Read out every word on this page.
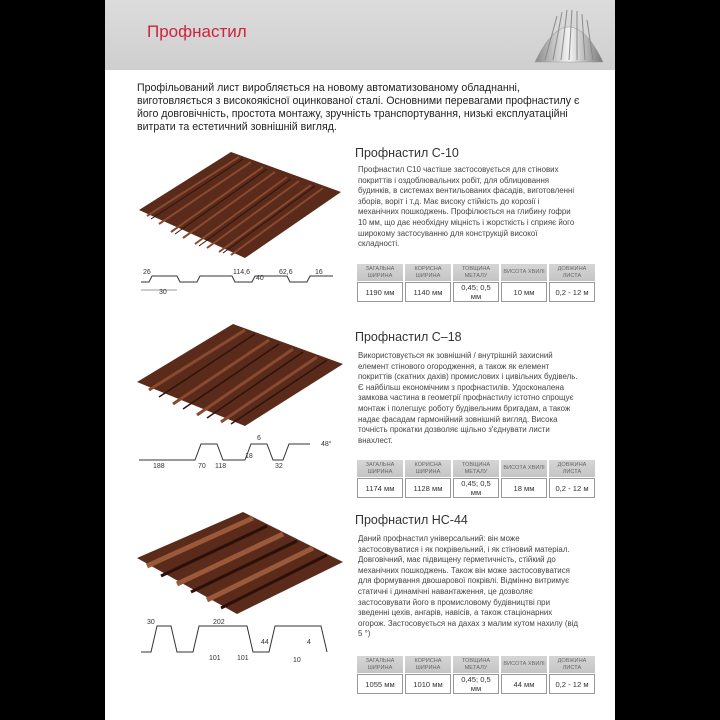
Профнастил
Профільований лист виробляється на новому автоматизованому обладнанні, виготовляється з високоякісної оцинкованої сталі. Основними перевагами профнастилу є його довговічність, простота монтажу, зручність транспортування, низькі експлуатаційні витрати та естетичний зовнішній вигляд.
26
30
114,6
40
62,6	16
Профнастил С-10
Профнастил С10 частіше застосовується для стінових покриттів і оздоблювальних робіт, для облицювання будинків, в системах вентильованих фасадів, виготовленні зборів, воріт і т.д. Має високу стійкість до корозії і механічних пошкоджень. Профілюється на глибину гофри 10 мм, що дає необхідну міцність і жорсткість і сприяє його широкому застосуванню для конструкцій високої складності.
ЗАГАЛЬНА ШИРИНА	КОРИСНА ШИРИНА	ТОВЩИНА МЕТАЛУ	ВИСОТА ХВИЛІ	ДОВЖИНА ЛИСТА
1190 мм	1140 мм	0,45; 0,5 мм	10 мм	0,2 - 12 м
188	70 118
18
32
48°
6
Профнастил С–18
Використовується як зовнішній / внутрішній захисний елемент стінового огородження, а також як елемент покриттів (скатних дахів) промислових і цивільних будівель. Є найбільш економічним з профнастилів. Удосконалена замкова частина в геометрії профнастилу істотно спрощує монтаж і полегшує роботу будівельним бригадам, а також надає фасадам гармонійний зовнішній вигляд. Висока точність прокатки дозволяє щільно з'єднувати листи внахлест.
ЗАГАЛЬНА ШИРИНА	КОРИСНА ШИРИНА	ТОВЩИНА МЕТАЛУ	ВИСОТА ХВИЛІ	ДОВЖИНА ЛИСТА
1174 мм	1128 мм	0,45; 0,5 мм	18 мм	0,2 - 12 м
30	202
101 101
44	4
10
Профнастил НС-44
Даний профнастил універсальний: він може застосовуватися і як покрівельний, і як стіновий матеріал. Довговічний, має підвищену герметичність, стійкий до механічних пошкоджень. Також він може застосовуватися для формування двошарової покрівлі. Відмінно витримує статичні і динамічні навантаження, це дозволяє застосовувати його в промисловому будівництві при зведенні цехів, ангарів, навісів, а також стаціонарних огорож. Застосовується на дахах з малим кутом нахилу (від 5 °)
ЗАГАЛЬНА ШИРИНА	КОРИСНА ШИРИНА	ТОВЩИНА МЕТАЛУ	ВИСОТА ХВИЛІ	ДОВЖИНА ЛИСТА
1055 мм	1010 мм	0,45; 0,5 мм	44 мм	0,2 - 12 м
